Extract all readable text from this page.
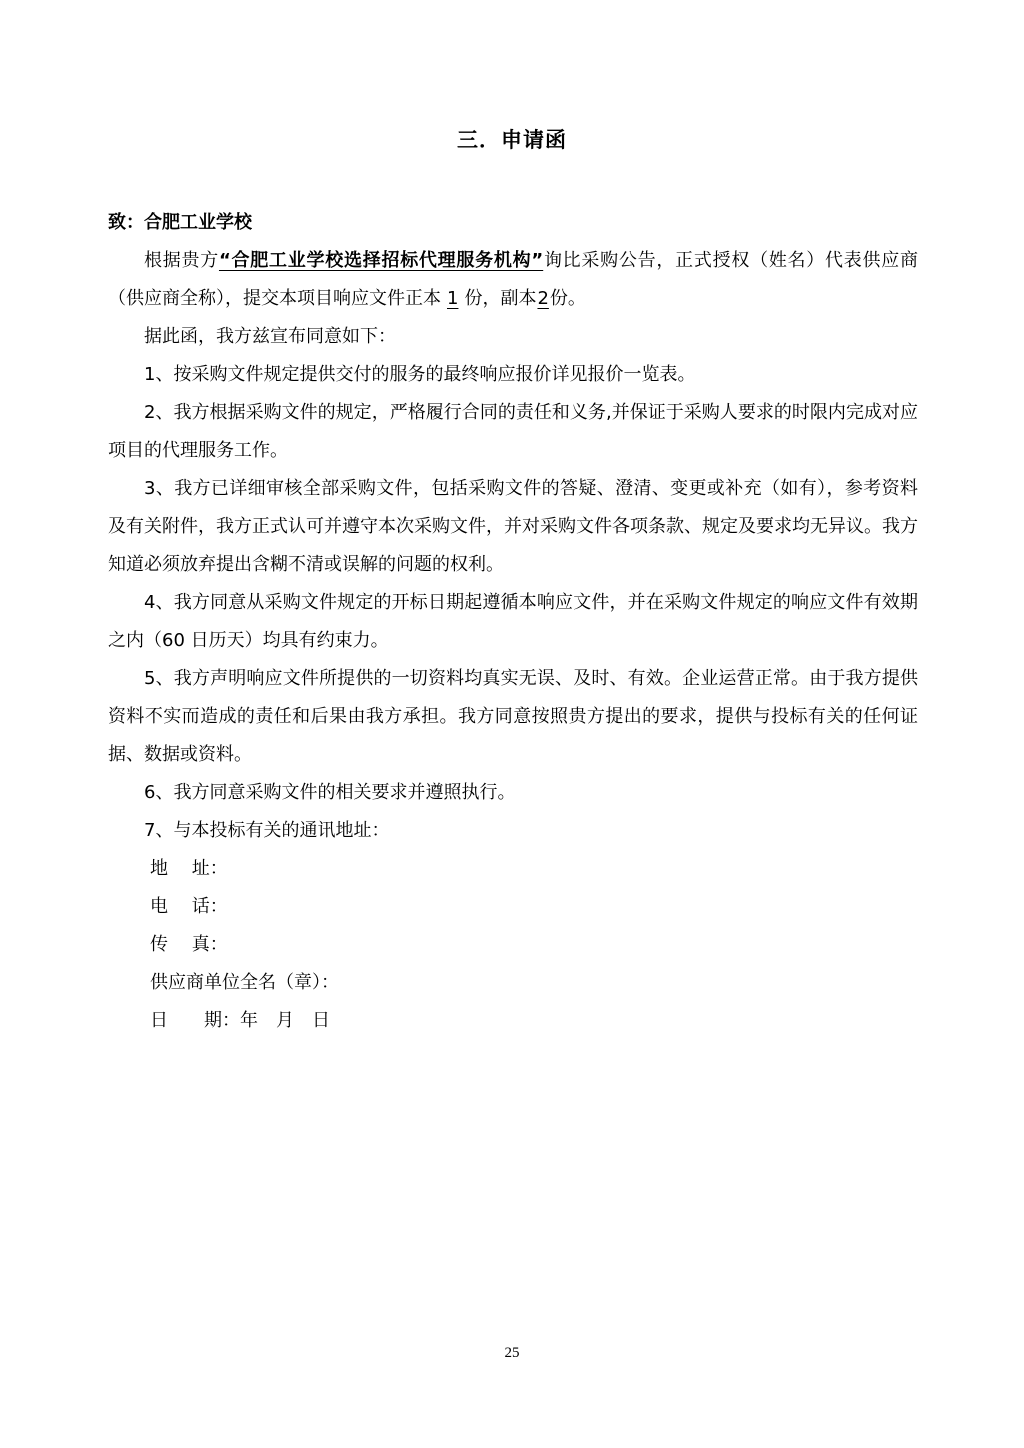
三．申请函
致：合肥工业学校

根据贵方“合肥工业学校选择招标代理服务机构”询比采购公告，正式授权（姓名）代表供应商（供应商全称），提交本项目响应文件正本 1 份，副本2份。

据此函，我方兹宣布同意如下：

1、按采购文件规定提供交付的服务的最终响应报价详见报价一览表。

2、我方根据采购文件的规定，严格履行合同的责任和义务,并保证于采购人要求的时限内完成对应项目的代理服务工作。

3、我方已详细审核全部采购文件，包括采购文件的答疑、澄清、变更或补充（如有），参考资料及有关附件，我方正式认可并遵守本次采购文件，并对采购文件各项条款、规定及要求均无异议。我方知道必须放弃提出含糊不清或误解的问题的权利。

4、我方同意从采购文件规定的开标日期起遵循本响应文件，并在采购文件规定的响应文件有效期之内（60 日历天）均具有约束力。

5、我方声明响应文件所提供的一切资料均真实无误、及时、有效。企业运营正常。由于我方提供资料不实而造成的责任和后果由我方承担。我方同意按照贵方提出的要求，提供与投标有关的任何证据、数据或资料。

6、我方同意采购文件的相关要求并遵照执行。

7、与本投标有关的通讯地址：

地　 址：

电　 话：

传　 真：

供应商单位全名（章）：

日　　期：年　月　日

25
